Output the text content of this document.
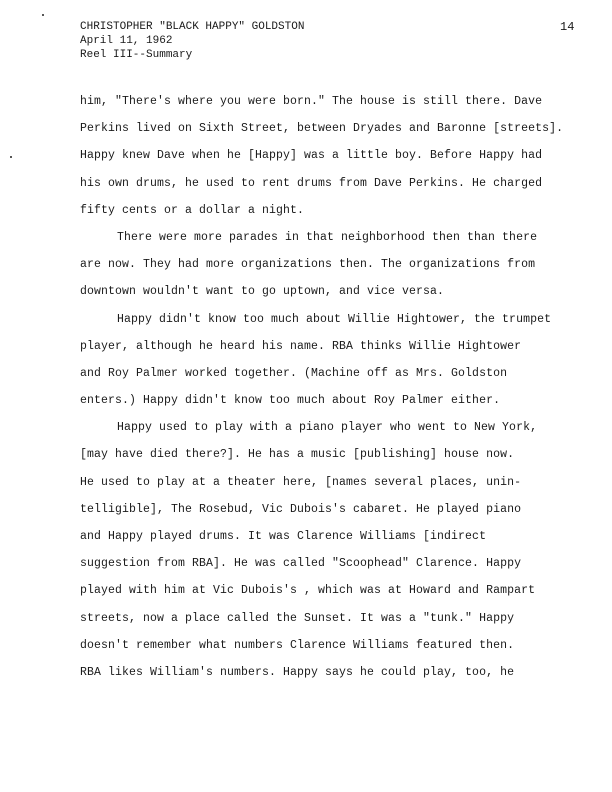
CHRISTOPHER "BLACK HAPPY" GOLDSTON
April 11, 1962
Reel III--Summary
14
him, "There's where you were born." The house is still there. Dave
Perkins lived on Sixth Street, between Dryades and Baronne [streets].
Happy knew Dave when he [Happy] was a little boy. Before Happy had
his own drums, he used to rent drums from Dave Perkins. He charged
fifty cents or a dollar a night.
There were more parades in that neighborhood then than there
are now. They had more organizations then. The organizations from
downtown wouldn't want to go uptown, and vice versa.
Happy didn't know too much about Willie Hightower, the trumpet
player, although he heard his name. RBA thinks Willie Hightower
and Roy Palmer worked together. (Machine off as Mrs. Goldston
enters.) Happy didn't know too much about Roy Palmer either.
Happy used to play with a piano player who went to New York,
[may have died there?]. He has a music [publishing] house now.
He used to play at a theater here, [names several places, unin-
telligible], The Rosebud, Vic Dubois's cabaret. He played piano
and Happy played drums. It was Clarence Williams [indirect
suggestion from RBA]. He was called "Scoophead" Clarence. Happy
played with him at Vic Dubois's , which was at Howard and Rampart
streets, now a place called the Sunset. It was a "tunk." Happy
doesn't remember what numbers Clarence Williams featured then.
RBA likes William's numbers. Happy says he could play, too, he
